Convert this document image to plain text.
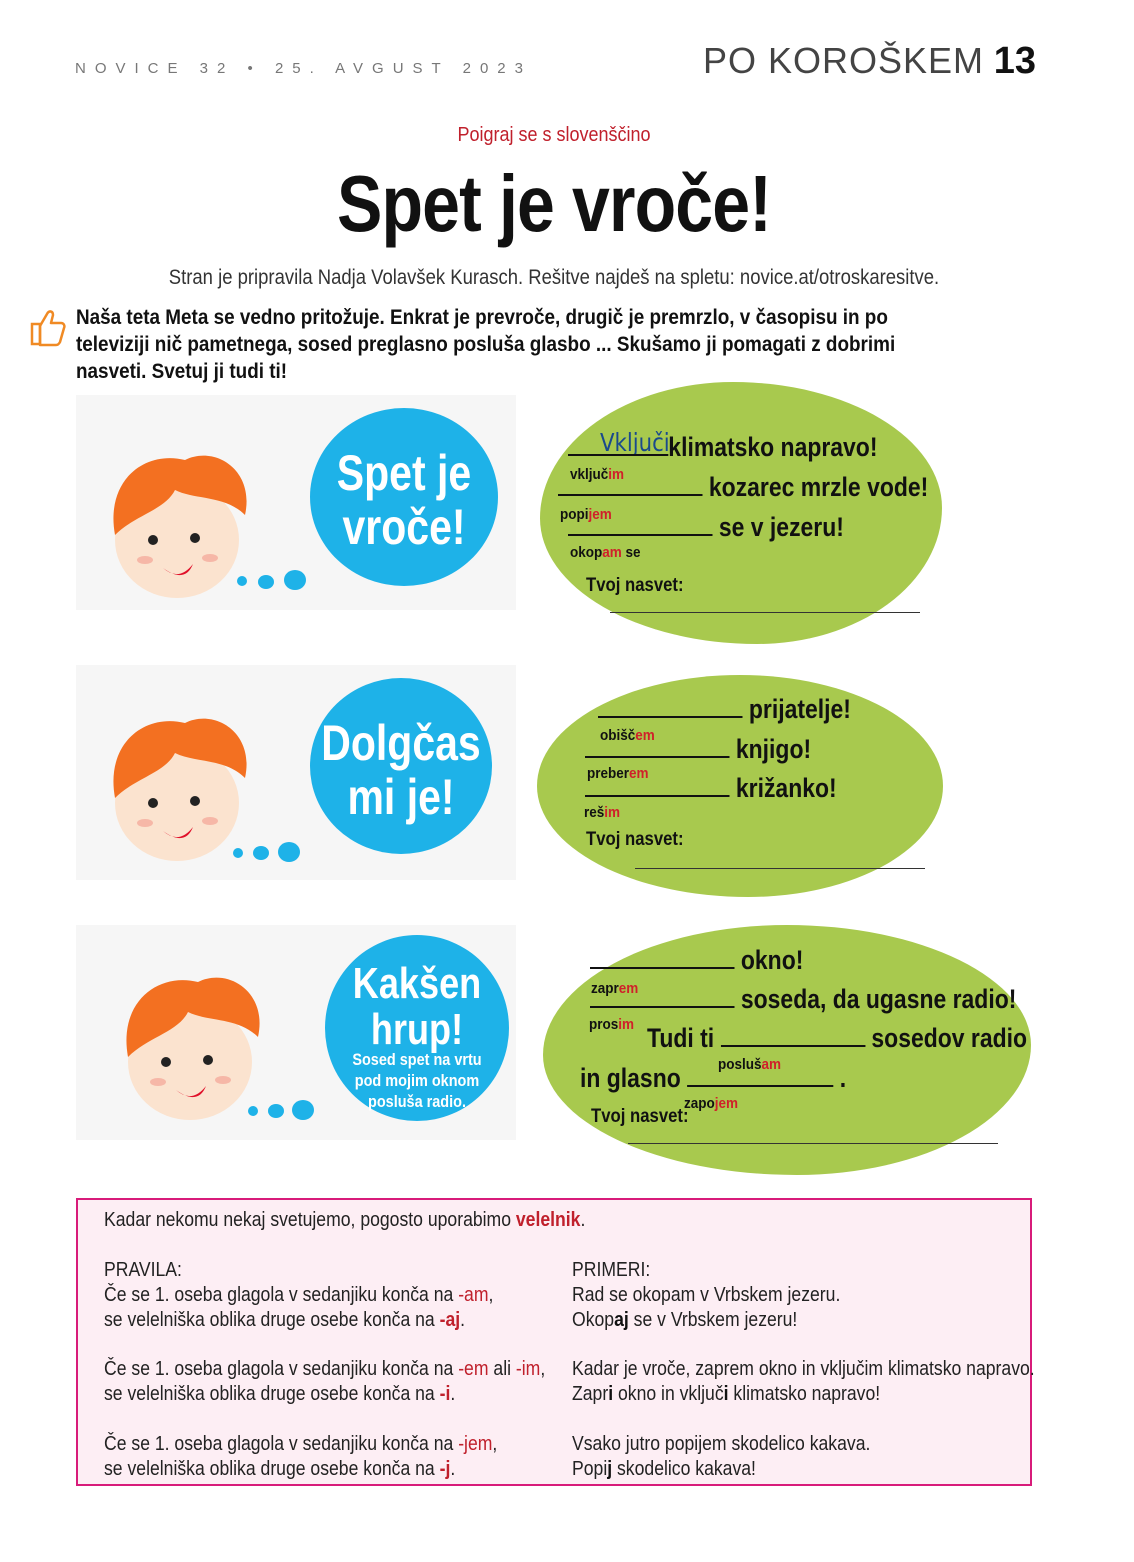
NOVICE 32 • 25. AVGUST 2023	PO KOROŠKEM 13
Poigraj se s slovenščino
Spet je vroče!
Stran je pripravila Nadja Volavšek Kurasch. Rešitve najdeš na spletu: novice.at/otroskaresitve.
Naša teta Meta se vedno pritožuje. Enkrat je prevroče, drugič je premrzlo, v časopisu in po televiziji nič pametnega, sosed preglasno posluša glasbo ... Skušamo ji pomagati z dobrimi nasveti. Svetuj ji tudi ti!
Spet je
vroče!
Vključi
klimatsko napravo!
vključim	kozarec mrzle vode!
popijem	se v jezeru!
okopam se
Tvoj nasvet:
Dolgčas
mi je!
prijatelje!
obiščem	knjigo!
preberem	križanko!
rešim
Tvoj nasvet:
Kakšen
hrup!
Sosed spet na vrtu
pod mojim oknom
posluša radio.
okno!
zaprem	soseda, da ugasne radio!
prosim Tudi ti	sosedov radio
poslušam
in glasno	.
zapojem
Tvoj nasvet:
Kadar nekomu nekaj svetujemo, pogosto uporabimo velelnik.
PRAVILA:
Če se 1. oseba glagola v sedanjiku konča na -am,
se velelniška oblika druge osebe konča na -aj.
Če se 1. oseba glagola v sedanjiku konča na -em ali -im,
se velelniška oblika druge osebe konča na -i.
Če se 1. oseba glagola v sedanjiku konča na -jem,
se velelniška oblika druge osebe konča na -j.
PRIMERI:
Rad se okopam v Vrbskem jezeru.
Okopaj se v Vrbskem jezeru!
Kadar je vroče, zaprem okno in vključim klimatsko napravo.
Zapri okno in vključi klimatsko napravo!
Vsako jutro popijem skodelico kakava.
Popij skodelico kakava!
